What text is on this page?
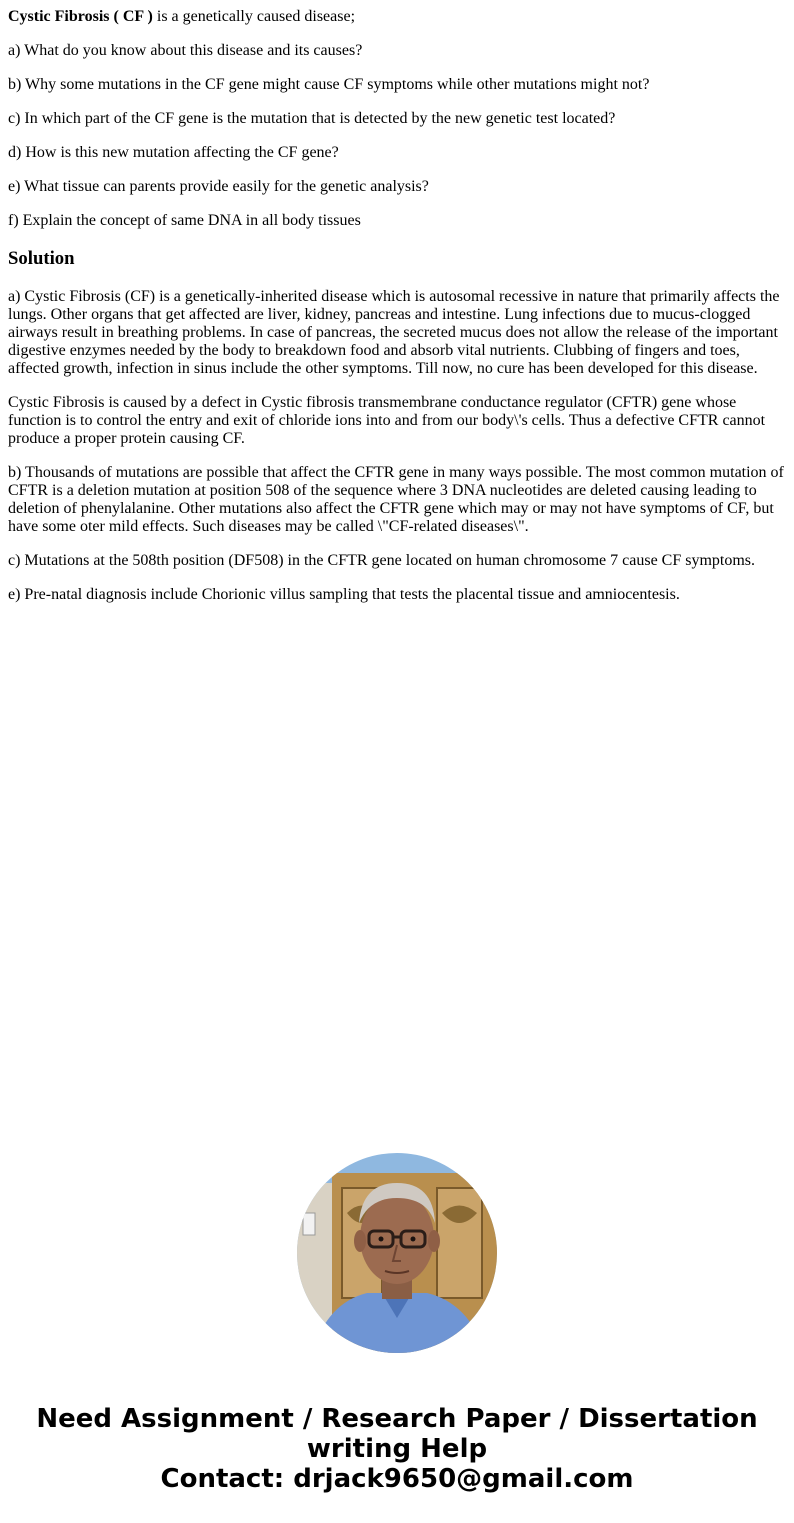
Cystic Fibrosis ( CF ) is a genetically caused disease;

a) What do you know about this disease and its causes?

b) Why some mutations in the CF gene might cause CF symptoms while other mutations might not?

c) In which part of the CF gene is the mutation that is detected by the new genetic test located?

d) How is this new mutation affecting the CF gene?

e) What tissue can parents provide easily for the genetic analysis?

f) Explain the concept of same DNA in all body tissues

Solution

a) Cystic Fibrosis (CF) is a genetically-inherited disease which is autosomal recessive in nature that primarily affects the lungs. Other organs that get affected are liver, kidney, pancreas and intestine. Lung infections due to mucus-clogged airways result in breathing problems. In case of pancreas, the secreted mucus does not allow the release of the important digestive enzymes needed by the body to breakdown food and absorb vital nutrients. Clubbing of fingers and toes, affected growth, infection in sinus include the other symptoms. Till now, no cure has been developed for this disease.

Cystic Fibrosis is caused by a defect in Cystic fibrosis transmembrane conductance regulator (CFTR) gene whose function is to control the entry and exit of chloride ions into and from our body\'s cells. Thus a defective CFTR cannot produce a proper protein causing CF.

b) Thousands of mutations are possible that affect the CFTR gene in many ways possible. The most common mutation of CFTR is a deletion mutation at position 508 of the sequence where 3 DNA nucleotides are deleted causing leading to deletion of phenylalanine. Other mutations also affect the CFTR gene which may or may not have symptoms of CF, but have some oter mild effects. Such diseases may be called \"CF-related diseases\".

c) Mutations at the 508th position (DF508) in the CFTR gene located on human chromosome 7 cause CF symptoms.

e) Pre-natal diagnosis include Chorionic villus sampling that tests the placental tissue and amniocentesis.

Need Assignment / Research Paper / Dissertation
writing Help
Contact: drjack9650@gmail.com
